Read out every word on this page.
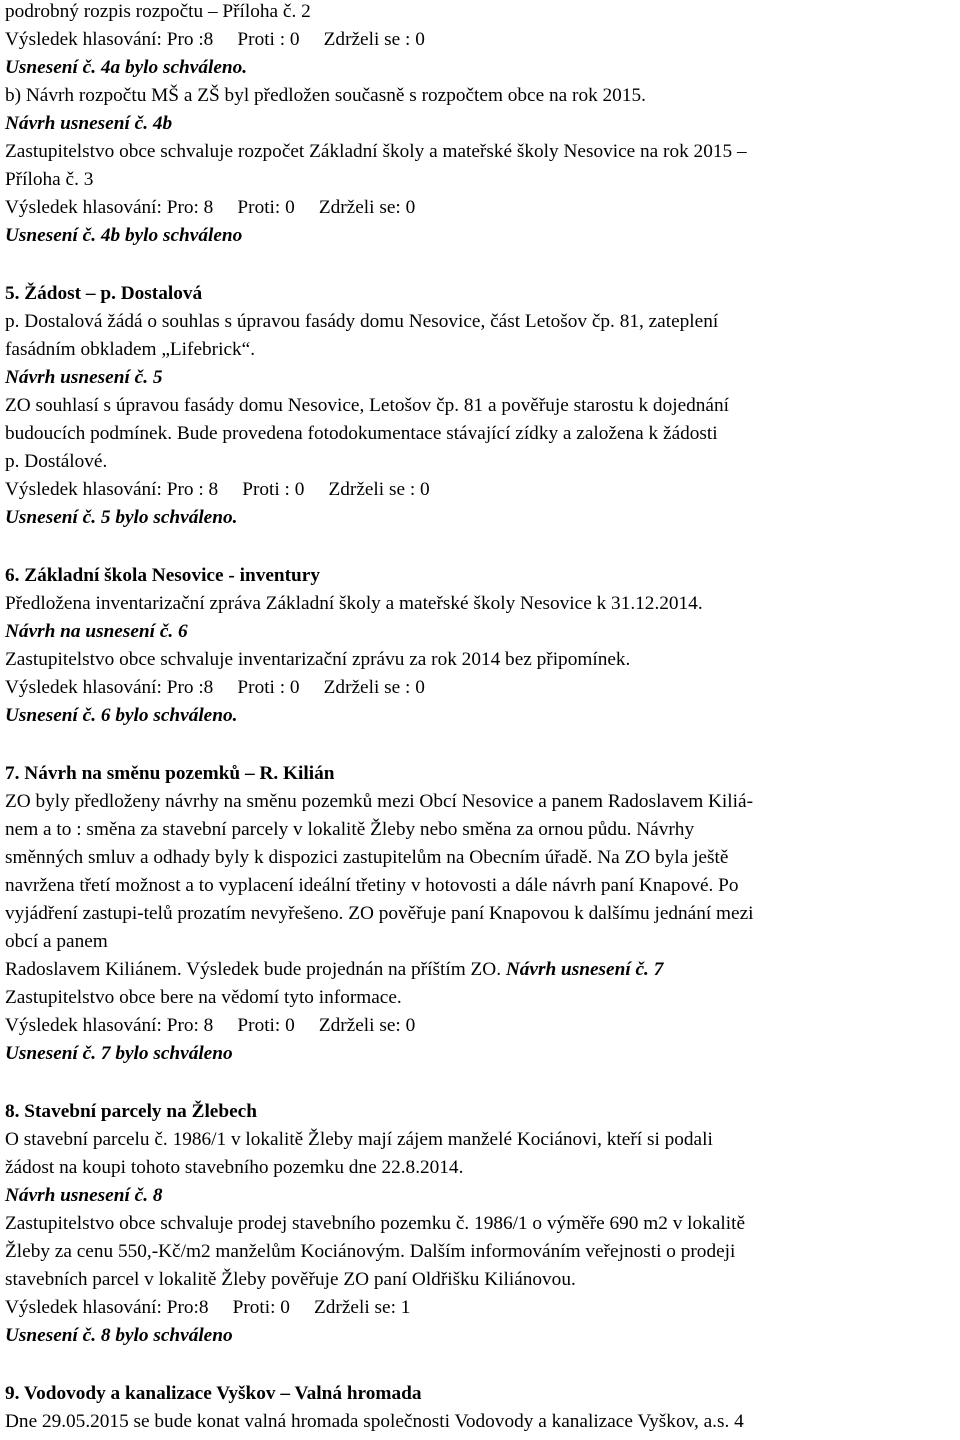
podrobný rozpis rozpočtu – Příloha č. 2
Výsledek hlasování: Pro :8     Proti : 0     Zdrželi se : 0
Usnesení č. 4a bylo schváleno.
b) Návrh rozpočtu MŠ a ZŠ byl předložen současně s rozpočtem obce na rok 2015.
Návrh usnesení č. 4b
Zastupitelstvo obce schvaluje rozpočet Základní školy a mateřské školy Nesovice na rok 2015 –
Příloha č. 3
Výsledek hlasování: Pro: 8     Proti: 0     Zdrželi se: 0
Usnesení č. 4b bylo schváleno
5. Žádost – p. Dostalová
p. Dostalová žádá o souhlas s úpravou fasády domu Nesovice, část Letošov čp. 81, zateplení
fasádním obkladem „Lifebrick“.
Návrh usnesení č. 5
ZO souhlasí s úpravou fasády domu Nesovice, Letošov čp. 81 a pověřuje starostu k dojednání
budoucích podmínek. Bude provedena fotodokumentace stávající zídky a založena k žádosti
p. Dostálové.
Výsledek hlasování: Pro : 8     Proti : 0     Zdrželi se : 0
Usnesení č. 5 bylo schváleno.
6. Základní škola Nesovice - inventury
Předložena inventarizační zpráva Základní školy a mateřské školy Nesovice k 31.12.2014.
Návrh na usnesení č. 6
Zastupitelstvo obce schvaluje inventarizační zprávu za rok 2014 bez připomínek.
Výsledek hlasování: Pro :8     Proti : 0     Zdrželi se : 0
Usnesení č. 6 bylo schváleno.
7. Návrh na směnu pozemků – R. Kilián
ZO byly předloženy návrhy na směnu pozemků mezi Obcí Nesovice a panem Radoslavem Kiliá-
nem a to : směna za stavební parcely v lokalitě Žleby nebo směna za ornou půdu. Návrhy
směnných smluv a odhady byly k dispozici zastupitelům na Obecním úřadě. Na ZO byla ještě
navržena třetí možnost a to vyplacení ideální třetiny v hotovosti a dále návrh paní Knapové. Po
vyjádření zastupi-telů prozatím nevyřešeno. ZO pověřuje paní Knapovou k dalšímu jednání mezi
obcí a panem
Radoslavem Kiliánem. Výsledek bude projednán na příštím ZO. Návrh usnesení č. 7
Zastupitelstvo obce bere na vědomí tyto informace.
Výsledek hlasování: Pro: 8     Proti: 0     Zdrželi se: 0
Usnesení č. 7 bylo schváleno
8. Stavební parcely na Žlebech
O stavební parcelu č. 1986/1 v lokalitě Žleby mají zájem manželé Kociánovi, kteří si podali
žádost na koupi tohoto stavebního pozemku dne 22.8.2014.
Návrh usnesení č. 8
Zastupitelstvo obce schvaluje prodej stavebního pozemku č. 1986/1 o výměře 690 m2 v lokalitě
Žleby za cenu 550,-Kč/m2 manželům Kociánovým. Dalším informováním veřejnosti o prodeji
stavebních parcel v lokalitě Žleby pověřuje ZO paní Oldřišku Kiliánovou.
Výsledek hlasování: Pro:8     Proti: 0     Zdrželi se: 1
Usnesení č. 8 bylo schváleno
9. Vodovody a kanalizace Vyškov – Valná hromada
Dne 29.05.2015 se bude konat valná hromada společnosti Vodovody a kanalizace Vyškov, a.s. 4
